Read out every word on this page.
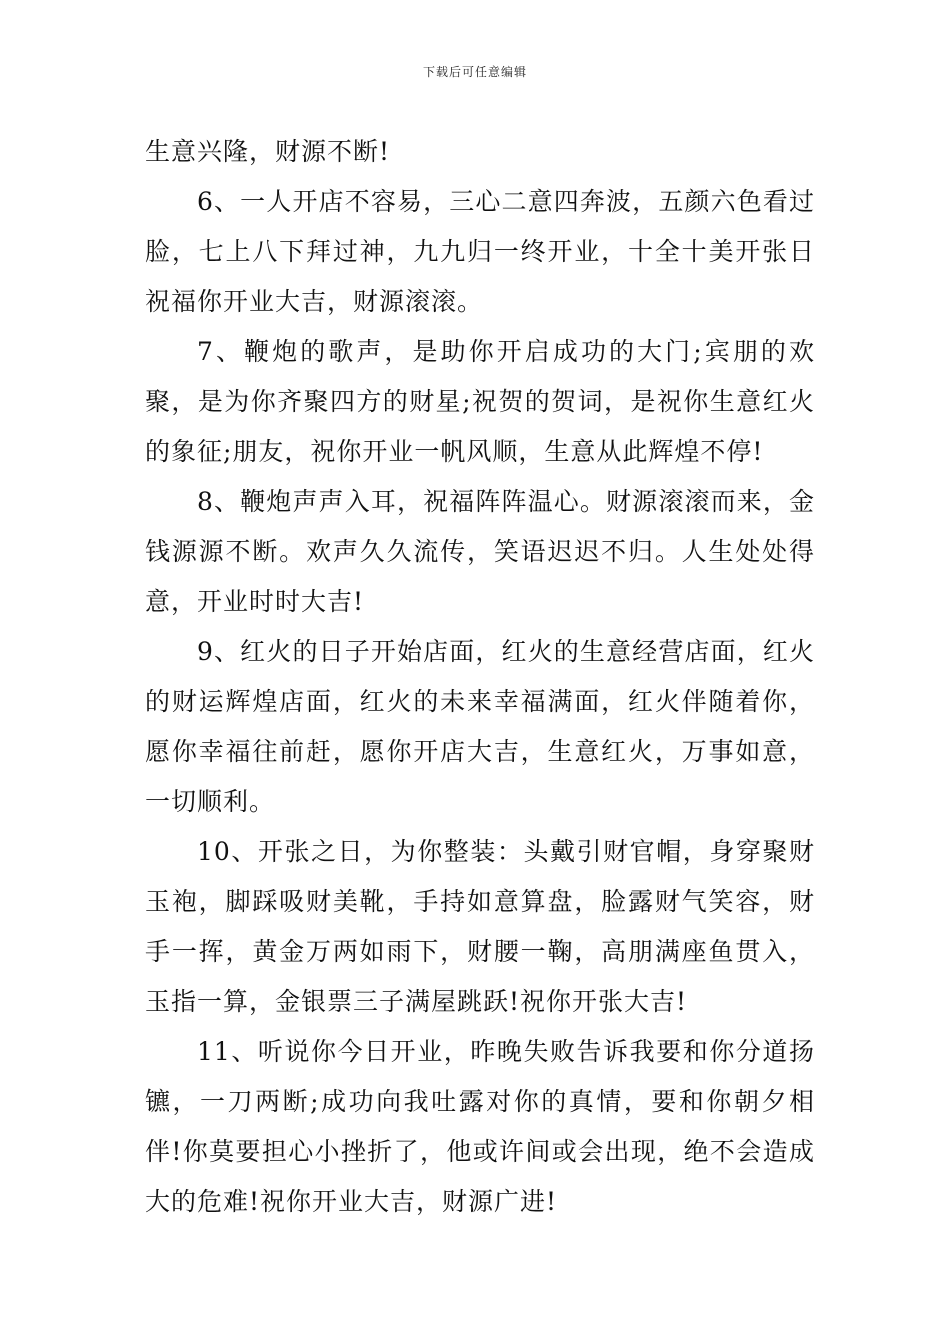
下载后可任意编辑

生意兴隆，财源不断!

6、一人开店不容易，三心二意四奔波，五颜六色看过脸，七上八下拜过神，九九归一终开业，十全十美开张日祝福你开业大吉，财源滚滚。

7、鞭炮的歌声，是助你开启成功的大门;宾朋的欢聚，是为你齐聚四方的财星;祝贺的贺词，是祝你生意红火的象征;朋友，祝你开业一帆风顺，生意从此辉煌不停!

8、鞭炮声声入耳，祝福阵阵温心。财源滚滚而来，金钱源源不断。欢声久久流传，笑语迟迟不归。人生处处得意，开业时时大吉!

9、红火的日子开始店面，红火的生意经营店面，红火的财运辉煌店面，红火的未来幸福满面，红火伴随着你，愿你幸福往前赶，愿你开店大吉，生意红火，万事如意，一切顺利。

10、开张之日，为你整装：头戴引财官帽，身穿聚财玉袍，脚踩吸财美靴，手持如意算盘，脸露财气笑容，财手一挥，黄金万两如雨下，财腰一鞠，高朋满座鱼贯入，玉指一算，金银票三子满屋跳跃!祝你开张大吉!

11、听说你今日开业，昨晚失败告诉我要和你分道扬镳，一刀两断;成功向我吐露对你的真情，要和你朝夕相伴!你莫要担心小挫折了，他或许间或会出现，绝不会造成大的危难!祝你开业大吉，财源广进!
